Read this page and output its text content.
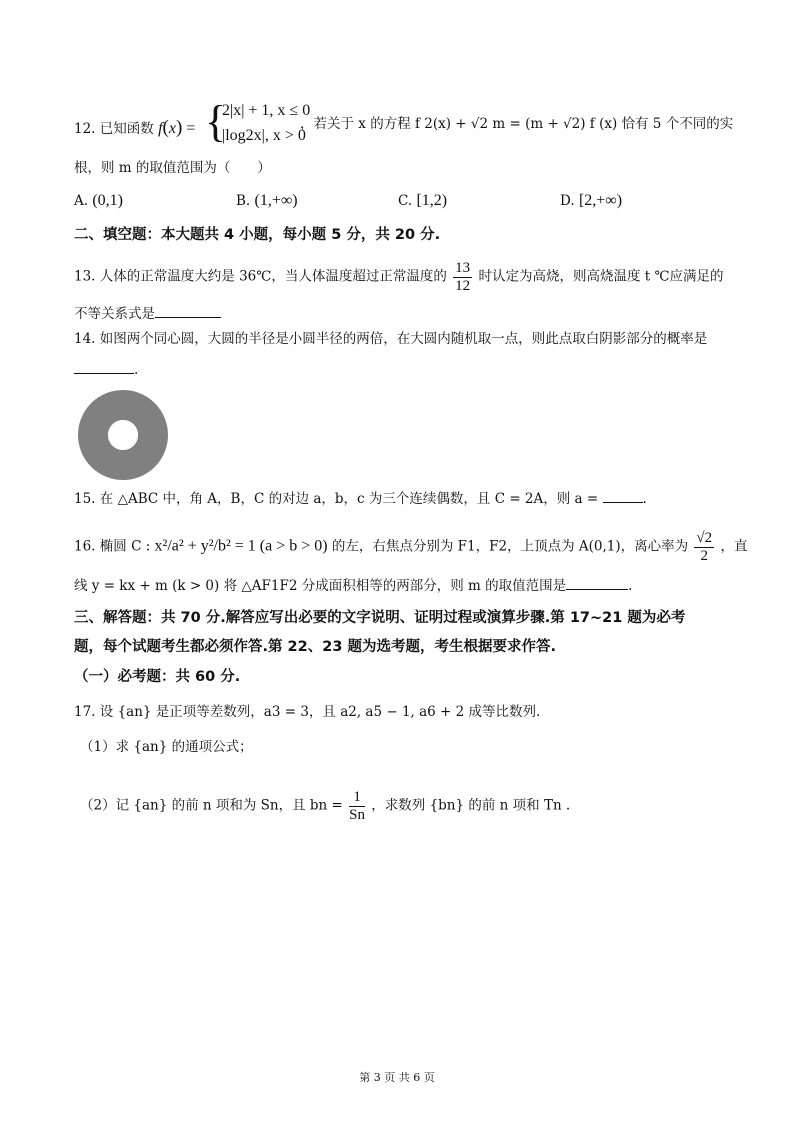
12. 已知函数 f(x) = {
2|x| + 1, x ≤ 0
|log2x|, x > 0
，若关于 x 的方程 f 2(x) + √2 m = (m + √2) f (x) 恰有 5 个不同的实
根，则 m 的取值范围为（　　）
A. (0,1)	B. (1,+∞)	C. [1,2)	D. [2,+∞)
二、填空题：本大题共 4 小题，每小题 5 分，共 20 分.
13. 人体的正常温度大约是 36℃，当人体温度超过正常温度的 $\frac{13}{12}$ 时认定为高烧，则高烧温度 t ℃应满足的
不等关系式是
14. 如图两个同心圆，大圆的半径是小圆半径的两倍，在大圆内随机取一点，则此点取白阴影部分的概率是
.
15. 在 △ABC 中，角 A，B，C 的对边 a，b，c 为三个连续偶数，且 C = 2A，则 a =	.
16. 椭圆 C : x²/a² + y²/b² = 1 (a > b > 0) 的左，右焦点分别为 F1，F2，上顶点为 A(0,1)，离心率为 $\frac{√2}{2}$ ，直
线 y = kx + m (k > 0) 将 △AF1F2 分成面积相等的两部分，则 m 的取值范围是	.
三、解答题：共 70 分.解答应写出必要的文字说明、证明过程或演算步骤.第 17~21 题为必考
题，每个试题考生都必须作答.第 22、23 题为选考题，考生根据要求作答.
（一）必考题：共 60 分.
17. 设 {an} 是正项等差数列，a3 = 3，且 a2, a5 − 1, a6 + 2 成等比数列.
（1）求 {an} 的通项公式；
（2）记 {an} 的前 n 项和为 Sn，且 bn = $\frac{1}{Sn}$ ，求数列 {bn} 的前 n 项和 Tn .
第 3 页 共 6 页
